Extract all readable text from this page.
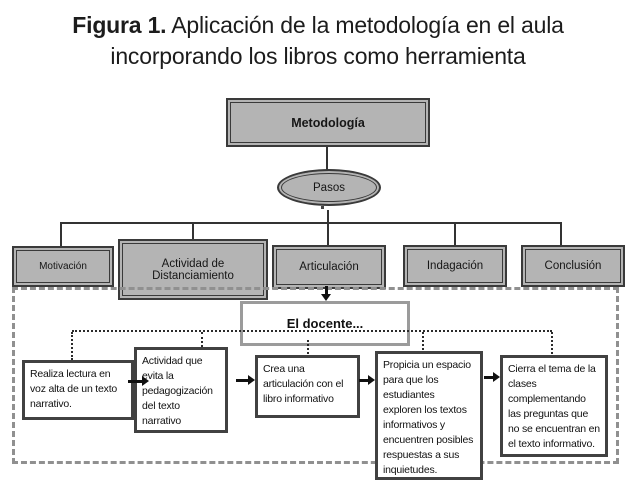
Figura 1. Aplicación de la metodología en el aula
incorporando los libros como herramienta
Metodología
Pasos
Motivación	Actividad de Distanciamiento
Articulación	Indagación	Conclusión
El docente...
Realiza lectura en voz alta de un texto narrativo.
Actividad que evita la pedagogización del texto narrativo
Crea una articulación con el libro informativo
Propicia un espacio para que los estudiantes exploren los textos informativos y encuentren posibles respuestas a sus inquietudes.
Cierra el tema de la clases complementando las preguntas que no se encuentran en el texto informativo.
